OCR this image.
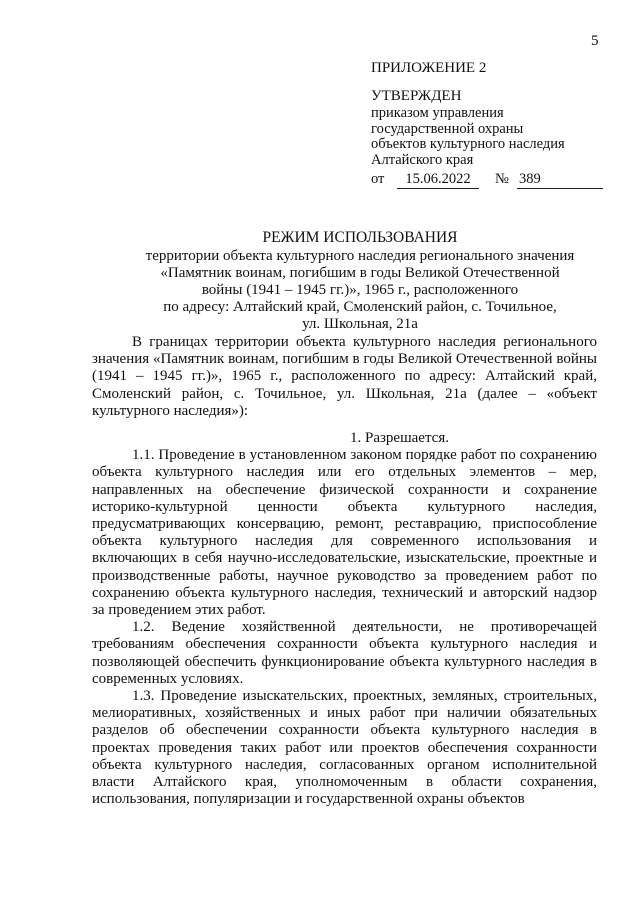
5
ПРИЛОЖЕНИЕ 2
УТВЕРЖДЕН
приказом управления
государственной охраны
объектов культурного наследия
Алтайского края
от	15.06.2022	№ 389
РЕЖИМ ИСПОЛЬЗОВАНИЯ
территории объекта культурного наследия регионального значения
«Памятник воинам, погибшим в годы Великой Отечественной
войны (1941 – 1945 гг.)», 1965 г., расположенного
по адресу: Алтайский край, Смоленский район, с. Точильное,
ул. Школьная, 21а

В границах территории объекта культурного наследия регионального значения «Памятник воинам, погибшим в годы Великой Отечественной войны (1941 – 1945 гг.)», 1965 г., расположенного по адресу: Алтайский край, Смоленский район, с. Точильное, ул. Школьная, 21а (далее – «объект культурного наследия»):

1. Разрешается.

1.1. Проведение в установленном законом порядке работ по сохранению объекта культурного наследия или его отдельных элементов – мер, направленных на обеспечение физической сохранности и сохранение историко-культурной ценности объекта культурного наследия, предусматривающих консервацию, ремонт, реставрацию, приспособление объекта культурного наследия для современного использования и включающих в себя научно-исследовательские, изыскательские, проектные и производственные работы, научное руководство за проведением работ по сохранению объекта культурного наследия, технический и авторский надзор за проведением этих работ.

1.2. Ведение хозяйственной деятельности, не противоречащей требованиям обеспечения сохранности объекта культурного наследия и позволяющей обеспечить функционирование объекта культурного наследия в современных условиях.

1.3. Проведение изыскательских, проектных, земляных, строительных, мелиоративных, хозяйственных и иных работ при наличии обязательных разделов об обеспечении сохранности объекта культурного наследия в проектах проведения таких работ или проектов обеспечения сохранности объекта культурного наследия, согласованных органом исполнительной власти Алтайского края, уполномоченным в области сохранения, использования, популяризации и государственной охраны объектов
